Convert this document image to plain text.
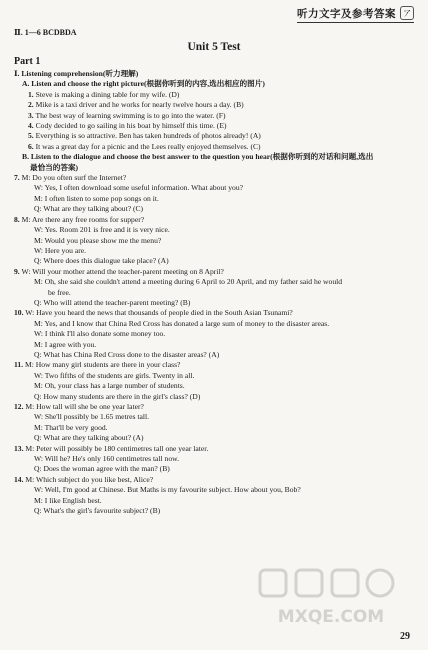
听力文字及参考答案 ア
Ⅱ. 1—6 BCDBDA
Unit 5 Test
Part 1
Ⅰ. Listening comprehension(听力理解)
A. Listen and choose the right picture(根据你听到的内容,选出相应的图片)
1. Steve is making a dining table for my wife. (D)
2. Mike is a taxi driver and he works for nearly twelve hours a day. (B)
3. The best way of learning swimming is to go into the water. (F)
4. Cody decided to go sailing in his boat by himself this time. (E)
5. Everything is so attractive. Ben has taken hundreds of photos already! (A)
6. It was a great day for a picnic and the Lees really enjoyed themselves. (C)
B. Listen to the dialogue and choose the best answer to the question you hear(根据你听到的对话和问题,选出
最恰当的答案)
7. M: Do you often surf the Internet?
W: Yes, I often download some useful information. What about you?
M: I often listen to some pop songs on it.
Q: What are they talking about? (C)
8. M: Are there any free rooms for supper?
W: Yes. Room 201 is free and it is very nice.
M: Would you please show me the menu?
W: Here you are.
Q: Where does this dialogue take place? (A)
9. W: Will your mother attend the teacher-parent meeting on 8 April?
M: Oh, she said she couldn't attend a meeting during 6 April to 20 April, and my father said he would
be free.
Q: Who will attend the teacher-parent meeting? (B)
10. W: Have you heard the news that thousands of people died in the South Asian Tsunami?
M: Yes, and I know that China Red Cross has donated a large sum of money to the disaster areas.
W: I think I'll also donate some money too.
M: I agree with you.
Q: What has China Red Cross done to the disaster areas? (A)
11. M: How many girl students are there in your class?
W: Two fifths of the students are girls. Twenty in all.
M: Oh, your class has a large number of students.
Q: How many students are there in the girl's class? (D)
12. M: How tall will she be one year later?
W: She'll possibly be 1.65 metres tall.
M: That'll be very good.
Q: What are they talking about? (A)
13. M: Peter will possibly be 180 centimetres tall one year later.
W: Will he? He's only 160 centimetres tall now.
Q: Does the woman agree with the man? (B)
14. M: Which subject do you like best, Alice?
W: Well, I'm good at Chinese. But Maths is my favourite subject. How about you, Bob?
M: I like English best.
Q: What's the girl's favourite subject? (B)
MXQE.COM
29
